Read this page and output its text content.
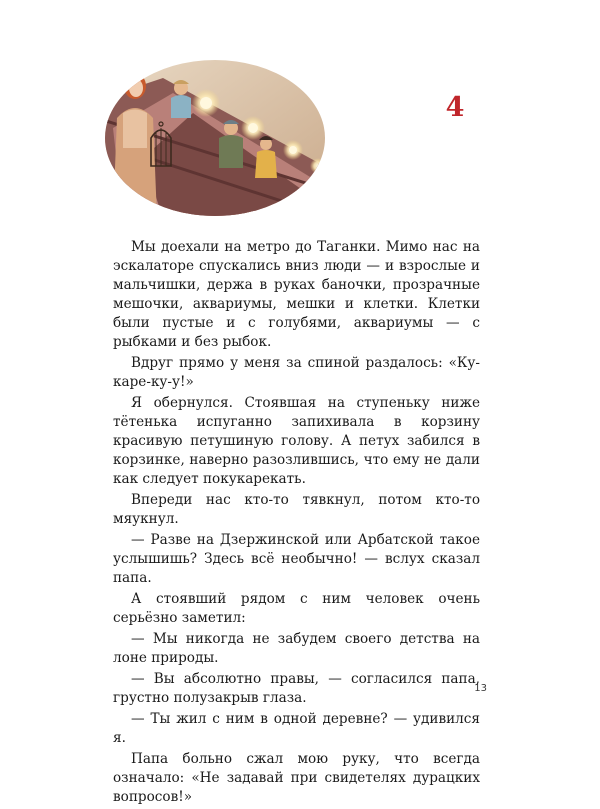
4

Мы доехали на метро до Таганки. Мимо нас на эскалаторе спускались вниз люди — и взрослые и мальчишки, держа в руках баночки, прозрачные мешочки, аквариумы, мешки и клетки. Клетки были пустые и с голубями, аквариумы — с рыбками и без рыбок.

Вдруг прямо у меня за спиной раздалось: «Ку-каре-ку-у!»

Я обернулся. Стоявшая на ступеньку ниже тётенька испуганно запихивала в корзину красивую петушиную голову. А петух забился в корзинке, наверно разозлившись, что ему не дали как следует покукарекать.

Впереди нас кто-то тявкнул, потом кто-то мяукнул.

— Разве на Дзержинской или Арбатской такое услышишь? Здесь всё необычно! — вслух сказал папа.

А стоявший рядом с ним человек очень серьёзно заметил:

— Мы никогда не забудем своего детства на лоне природы.

— Вы абсолютно правы, — согласился папа, грустно полузакрыв глаза.

— Ты жил с ним в одной деревне? — удивился я.

Папа больно сжал мою руку, что всегда означало: «Не задавай при свидетелях дурацких вопросов!»

13
